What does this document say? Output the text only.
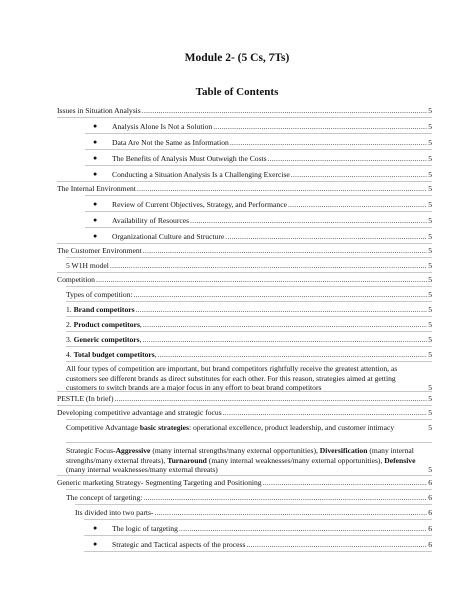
Module 2- (5 Cs, 7Ts)
Table of Contents
Issues in Situation Analysis .....	5
● Analysis Alone Is Not a Solution .....	5
● Data Are Not the Same as Information .....	5
● The Benefits of Analysis Must Outweigh the Costs .....	5
● Conducting a Situation Analysis Is a Challenging Exercise .....	5
The Internal Environment .....	5
● Review of Current Objectives, Strategy, and Performance .....	5
● Availability of Resources .....	5
● Organizational Culture and Structure .....	5
The Customer Environment .....	5
5 W1H model .....	5
Competition .....	5
Types of competition: .....	5
1. Brand competitors .....	5
2. Product competitors, .....	5
3. Generic competitors, .....	5
4. Total budget competitors, .....	5
All four types of competition are important, but brand competitors rightfully receive the greatest attention, as customers see different brands as direct substitutes for each other. For this reason, strategies aimed at getting customers to switch brands are a major focus in any effort to beat brand competitors	5
PESTLE (In brief) .....	5
Developing competitive advantage and strategic focus .....	5
Competitive Advantage basic strategies: operational excellence, product leadership, and customer intimacy	5
Strategic Focus-Aggressive (many internal strengths/many external opportunities), Diversification (many internal strengths/many external threats), Turnaround (many internal weaknesses/many external opportunities), Defensive (many internal weaknesses/many external threats)	5
Generic marketing Strategy- Segmenting Targeting and Positioning .....	6
The concept of targeting: .....	6
Its divided into two parts- .....	6
● The logic of targeting .....	6
● Strategic and Tactical aspects of the process .....	6
